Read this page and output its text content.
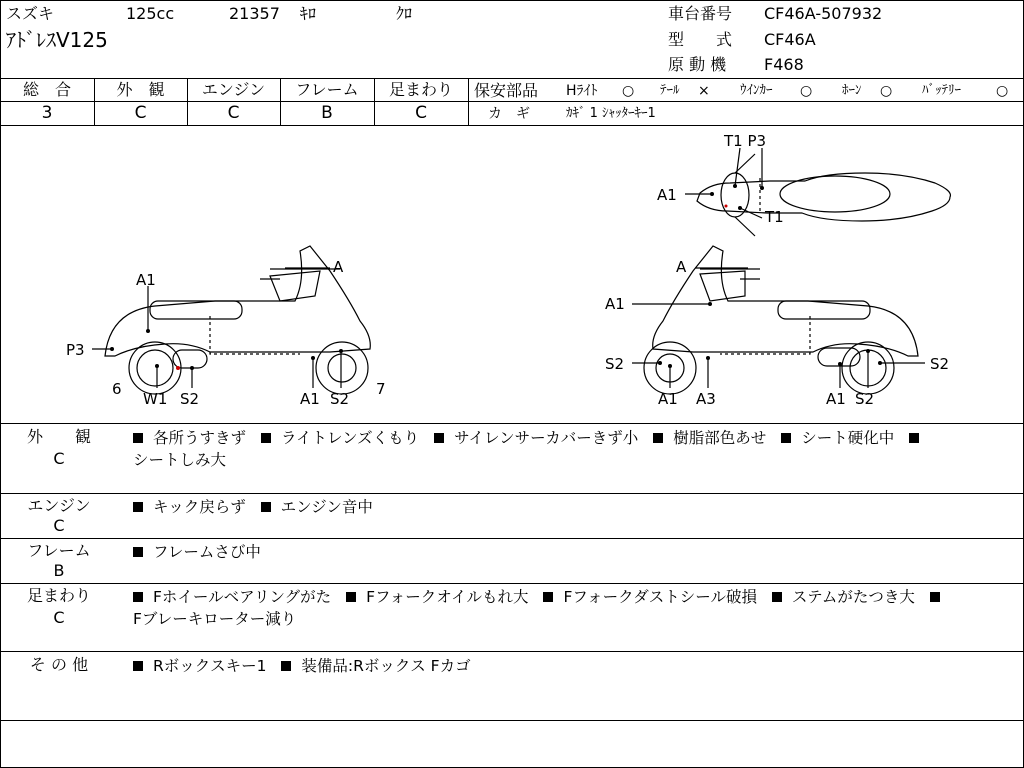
スズキ	125cc	21357 ｷﾛ	ｸﾛ
ｱﾄﾞﾚｽV125
車台番号 CF46A-507932
型　　式 CF46A
原 動 機 F468
総　合
3
外　観
C
エンジン
C
フレーム
B
足まわり
C
保安部品 Hﾗｲﾄ ○ ﾃｰﾙ × ｳｲﾝｶｰ ○ ﾎｰﾝ ○ ﾊﾞｯﾃﾘｰ	○
カ　ギ	ｶｷﾞ 1 ｼｬｯﾀｰｷｰ1
T1 P3
A1
T1
A1
A
P3
6
W1 S2	A1 S2
7
A
A1
S2	S2
A1 A3	A1 S2
外　　観
C
各所うすきず ライトレンズくもり サイレンサーカバーきず小 樹脂部色あせ シート硬化中
シートしみ大
エンジン
C
キック戻らず エンジン音中
フレーム
B
フレームさび中
足まわり
C
Fホイールベアリングがた Fフォークオイルもれ大 Fフォークダストシール破損 ステムがたつき大
Fブレーキローター減り
そ の 他	Rボックスキー1 装備品:Rボックス Fカゴ
